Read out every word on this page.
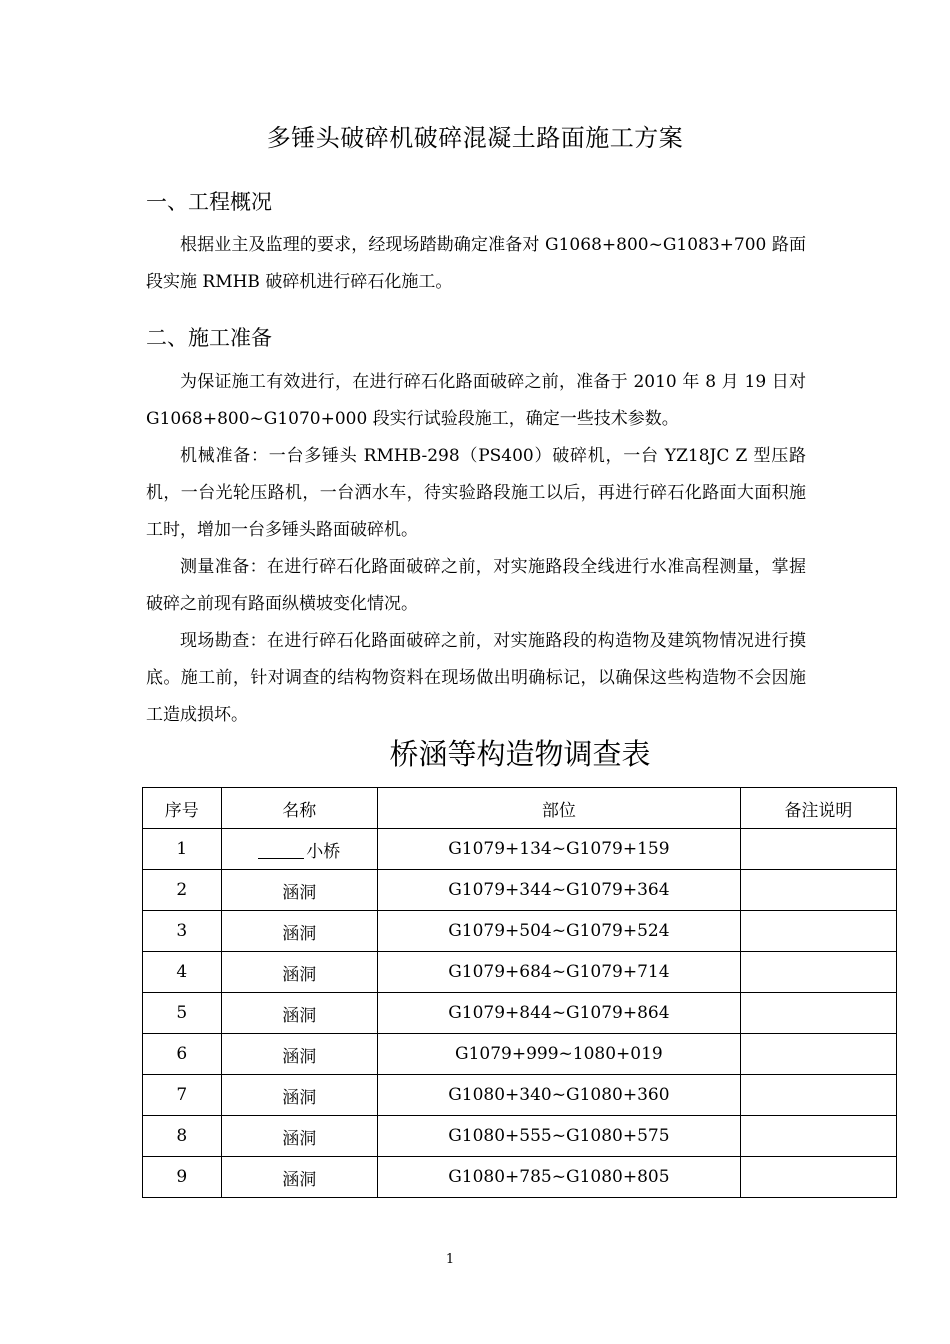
多锤头破碎机破碎混凝土路面施工方案
一、工程概况

根据业主及监理的要求，经现场踏勘确定准备对 G1068+800~G1083+700 路面段实施 RMHB 破碎机进行碎石化施工。

二、施工准备

为保证施工有效进行，在进行碎石化路面破碎之前，准备于 2010 年 8 月 19 日对 G1068+800~G1070+000 段实行试验段施工，确定一些技术参数。

机械准备：一台多锤头 RMHB-298（PS400）破碎机，一台 YZ18JC Z 型压路机，一台光轮压路机，一台洒水车，待实验路段施工以后，再进行碎石化路面大面积施工时，增加一台多锤头路面破碎机。

测量准备：在进行碎石化路面破碎之前，对实施路段全线进行水准高程测量，掌握破碎之前现有路面纵横坡变化情况。

现场勘查：在进行碎石化路面破碎之前，对实施路段的构造物及建筑物情况进行摸底。施工前，针对调查的结构物资料在现场做出明确标记，以确保这些构造物不会因施工造成损坏。

桥涵等构造物调查表
序号	名称	部位	备注说明
1	小桥	G1079+134~G1079+159	
2	涵洞	G1079+344~G1079+364	
3	涵洞	G1079+504~G1079+524	
4	涵洞	G1079+684~G1079+714	
5	涵洞	G1079+844~G1079+864	
6	涵洞	G1079+999~1080+019	
7	涵洞	G1080+340~G1080+360	
8	涵洞	G1080+555~G1080+575	
9	涵洞	G1080+785~G1080+805	
1
